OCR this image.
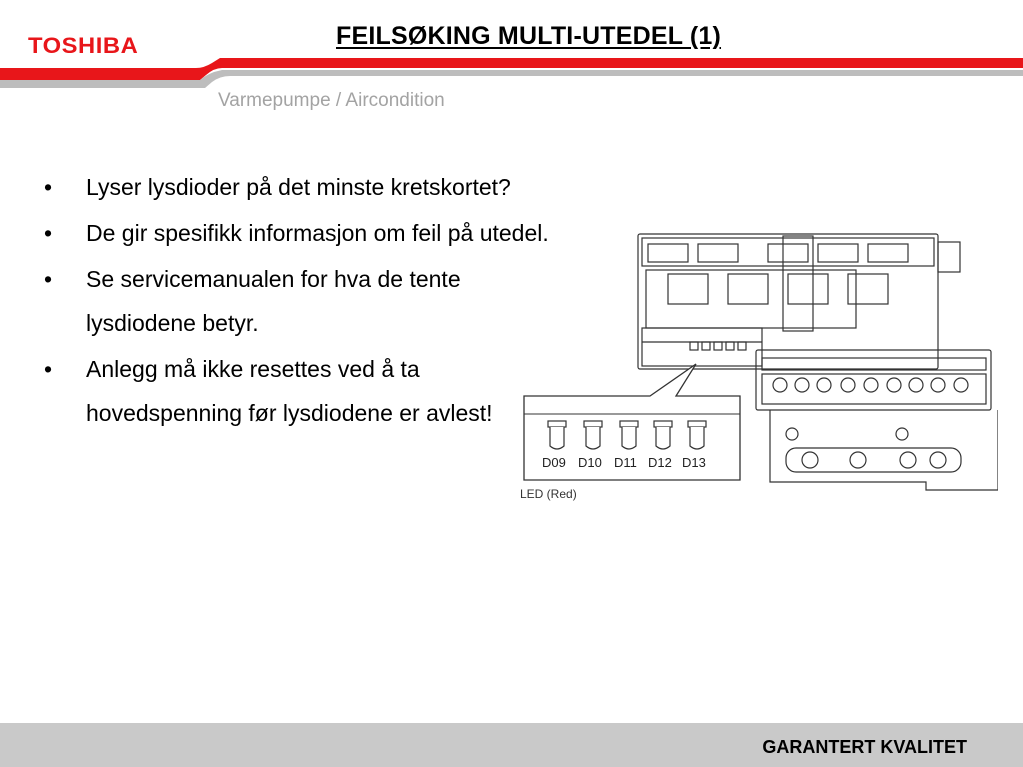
TOSHIBA	FEILSØKING MULTI-UTEDEL (1)
Varmepumpe / Aircondition
• Lyser lysdioder på det minste kretskortet?
• De gir spesifikk informasjon om feil på utedel.
• Se servicemanualen for hva de tente lysdiodene betyr.
• Anlegg må ikke resettes ved å ta hovedspenning før lysdiodene er avlest!
D09 D10 D11 D12 D13
LED (Red)
GARANTERT KVALITET
